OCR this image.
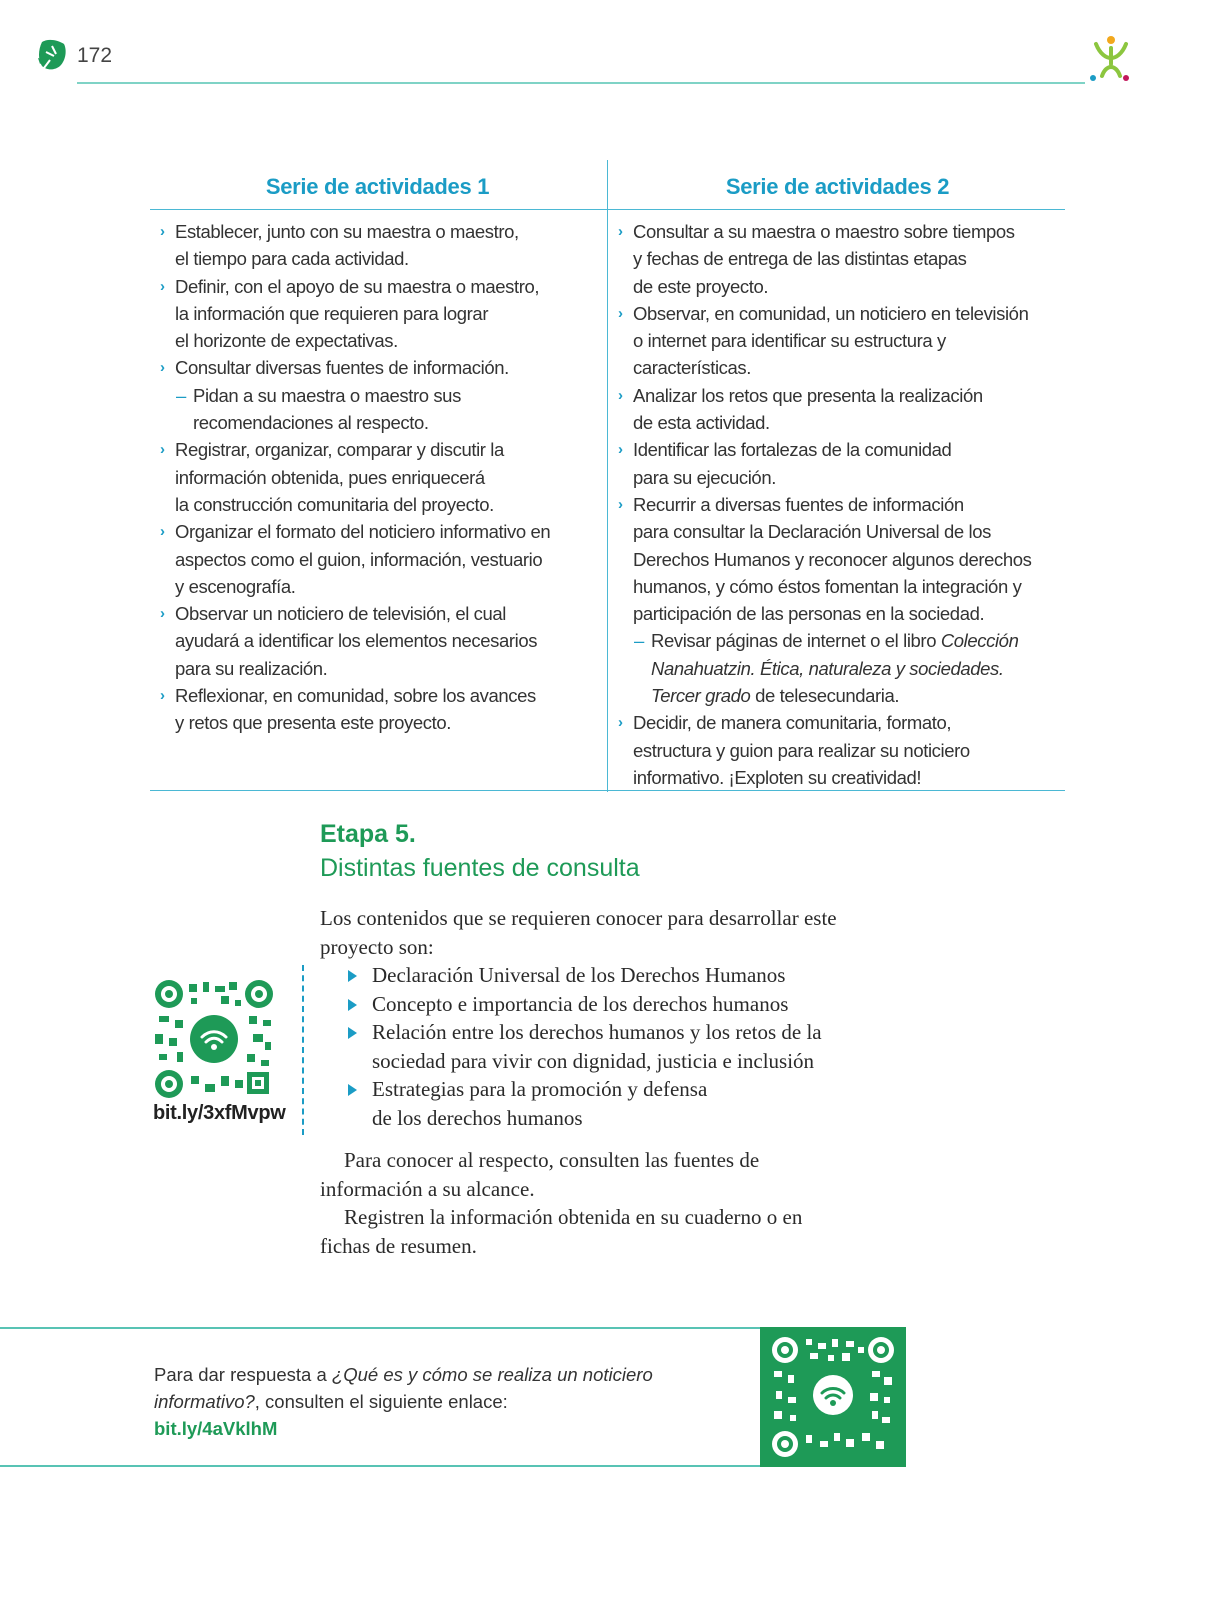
172
Serie de actividades 1	Serie de actividades 2
› Establecer, junto con su maestra o maestro,
el tiempo para cada actividad.
› Definir, con el apoyo de su maestra o maestro,
la información que requieren para lograr
el horizonte de expectativas.
› Consultar diversas fuentes de información.
– Pidan a su maestra o maestro sus
recomendaciones al respecto.
› Registrar, organizar, comparar y discutir la
información obtenida, pues enriquecerá
la construcción comunitaria del proyecto.
› Organizar el formato del noticiero informativo en
aspectos como el guion, información, vestuario
y escenografía.
› Observar un noticiero de televisión, el cual
ayudará a identificar los elementos necesarios
para su realización.
› Reflexionar, en comunidad, sobre los avances
y retos que presenta este proyecto.
› Consultar a su maestra o maestro sobre tiempos
y fechas de entrega de las distintas etapas
de este proyecto.
› Observar, en comunidad, un noticiero en televisión
o internet para identificar su estructura y
características.
› Analizar los retos que presenta la realización
de esta actividad.
› Identificar las fortalezas de la comunidad
para su ejecución.
› Recurrir a diversas fuentes de información
para consultar la Declaración Universal de los
Derechos Humanos y reconocer algunos derechos
humanos, y cómo éstos fomentan la integración y
participación de las personas en la sociedad.
– Revisar páginas de internet o el libro Colección
Nanahuatzin. Ética, naturaleza y sociedades.
Tercer grado de telesecundaria.
› Decidir, de manera comunitaria, formato,
estructura y guion para realizar su noticiero
informativo. ¡Exploten su creatividad!
Etapa 5.
Distintas fuentes de consulta

Los contenidos que se requieren conocer para desarrollar este proyecto son:

Declaración Universal de los Derechos Humanos
Concepto e importancia de los derechos humanos
Relación entre los derechos humanos y los retos de la sociedad para vivir con dignidad, justicia e inclusión
Estrategias para la promoción y defensa de los derechos humanos

Para conocer al respecto, consulten las fuentes de información a su alcance.

Registren la información obtenida en su cuaderno o en fichas de resumen.

bit.ly/3xfMvpw
Para dar respuesta a ¿Qué es y cómo se realiza un noticiero informativo?, consulten el siguiente enlace:
bit.ly/4aVklhM
